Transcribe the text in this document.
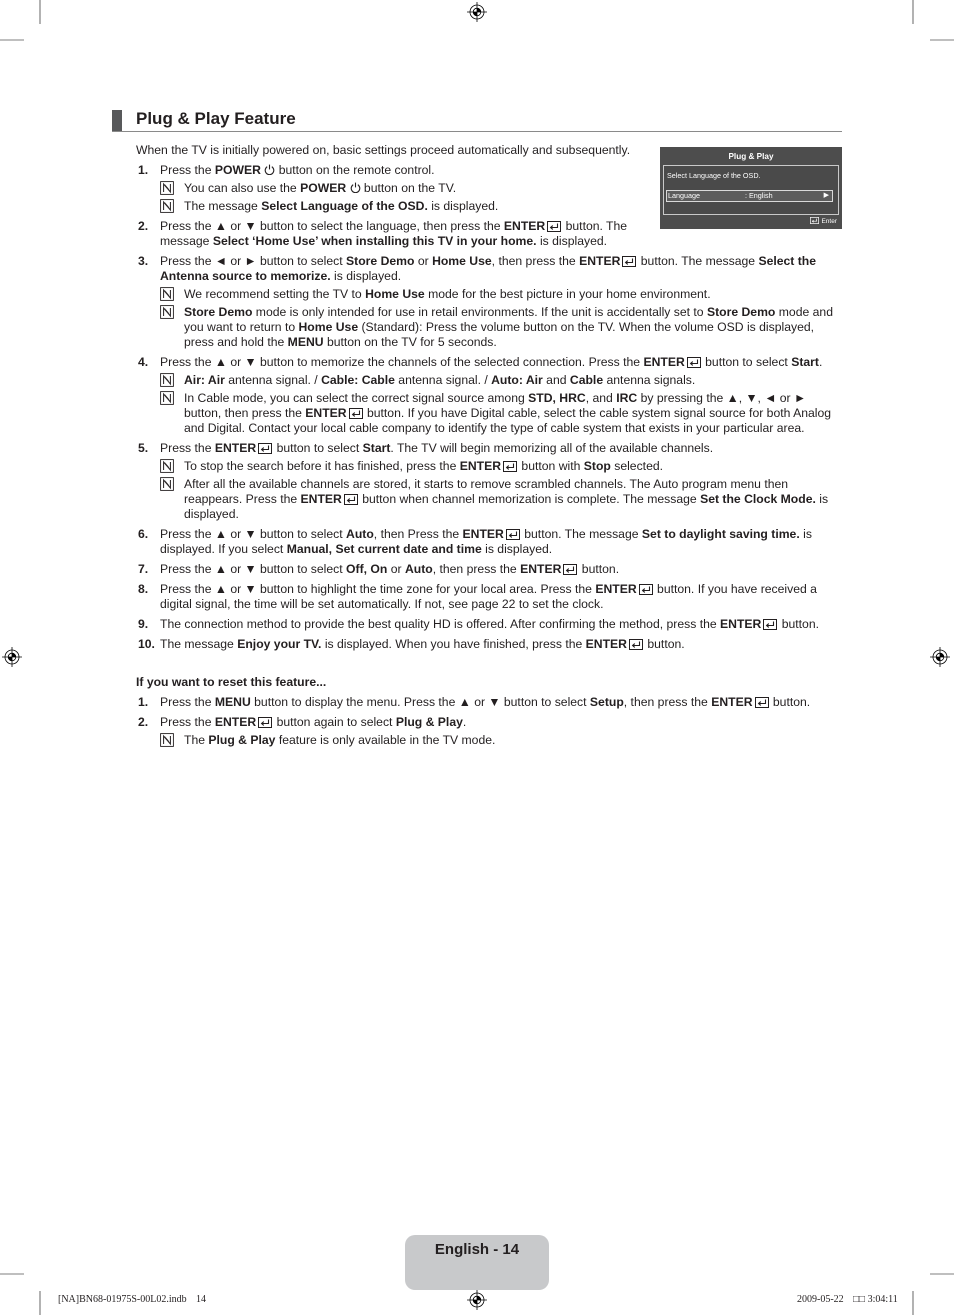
Plug & Play Feature
Plug & Play
Select Language of the OSD.
Language	: English	▶
Enter
When the TV is initially powered on, basic settings proceed automatically and subsequently.
1. Press the POWER
button on the remote control.
You can also use the POWER
button on the TV.
The message Select Language of the OSD. is displayed.
2. Press the ▲ or ▼ button to select the language, then press the ENTER
button. The
message Select ‘Home Use’ when installing this TV in your home. is displayed.
3. Press the ◄ or ► button to select Store Demo or Home Use, then press the ENTER
button. The message Select the
Antenna source to memorize. is displayed.
We recommend setting the TV to Home Use mode for the best picture in your home environment.
Store Demo mode is only intended for use in retail environments. If the unit is accidentally set to Store Demo mode and
you want to return to Home Use (Standard): Press the volume button on the TV. When the volume OSD is displayed,
press and hold the MENU button on the TV for 5 seconds.
4. Press the ▲ or ▼ button to memorize the channels of the selected connection. Press the ENTER
button to select Start.
Air: Air antenna signal. / Cable: Cable antenna signal. / Auto: Air and Cable antenna signals.
In Cable mode, you can select the correct signal source among STD, HRC, and IRC by pressing the ▲, ▼, ◄ or ►
button, then press the ENTER
button. If you have Digital cable, select the cable system signal source for both Analog
and Digital. Contact your local cable company to identify the type of cable system that exists in your particular area.
5. Press the ENTER
button to select Start. The TV will begin memorizing all of the available channels.
To stop the search before it has finished, press the ENTER
button with Stop selected.
After all the available channels are stored, it starts to remove scrambled channels. The Auto program menu then
reappears. Press the ENTER
button when channel memorization is complete. The message Set the Clock Mode. is
displayed.
6. Press the ▲ or ▼ button to select Auto, then Press the ENTER
button. The message Set to daylight saving time. is
displayed. If you select Manual, Set current date and time is displayed.
7. Press the ▲ or ▼ button to select Off, On or Auto, then press the ENTER
button.
8. Press the ▲ or ▼ button to highlight the time zone for your local area. Press the ENTER
button. If you have received a
digital signal, the time will be set automatically. If not, see page 22 to set the clock.
9. The connection method to provide the best quality HD is offered. After confirming the method, press the ENTER
button.
10. The message Enjoy your TV. is displayed. When you have finished, press the ENTER
button.
If you want to reset this feature...
1. Press the MENU button to display the menu. Press the ▲ or ▼ button to select Setup, then press the ENTER
button.
2. Press the ENTER
button again to select Plug & Play.
The Plug & Play feature is only available in the TV mode.
English - 14
[NA]BN68-01975S-00L02.indb 14	2009-05-22 □□ 3:04:11
